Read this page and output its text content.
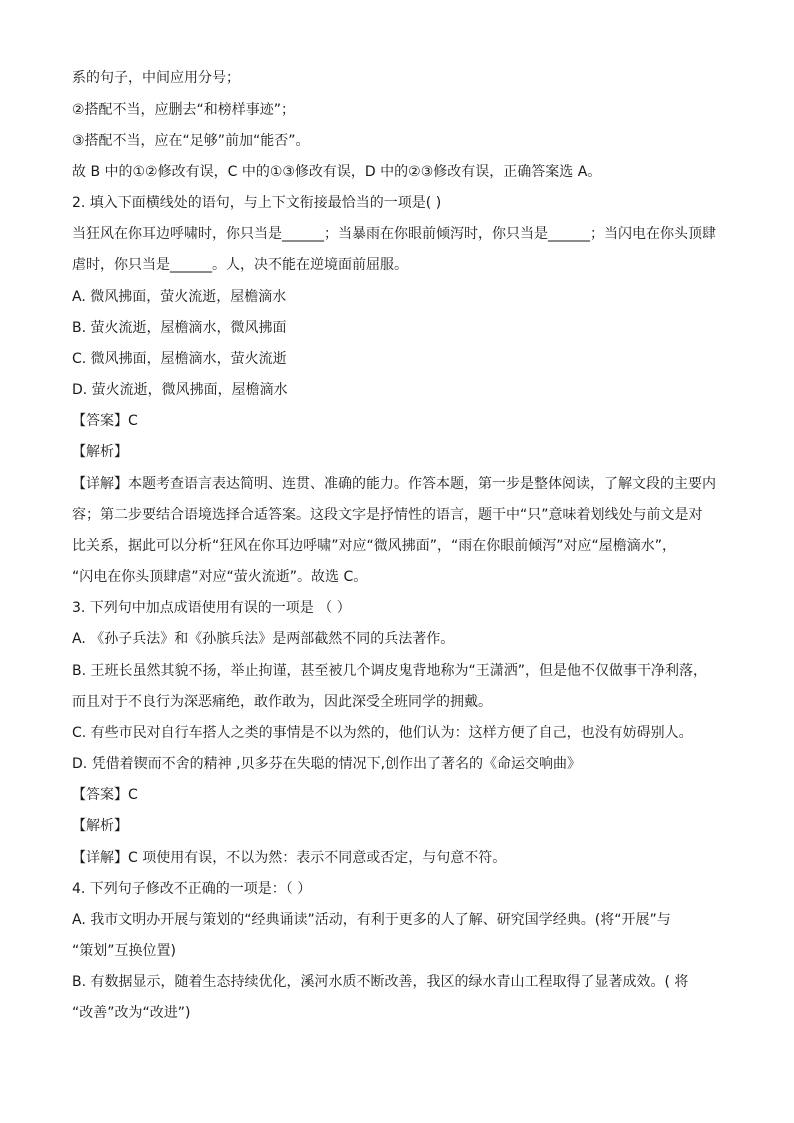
系的句子，中间应用分号；
②搭配不当，应删去“和榜样事迹”；
③搭配不当，应在“足够”前加“能否”。
故 B 中的①②修改有误，C 中的①③修改有误，D 中的②③修改有误，正确答案选 A。
2. 填入下面横线处的语句，与上下文衔接最恰当的一项是( )
当狂风在你耳边呼啸时，你只当是______；当暴雨在你眼前倾泻时，你只当是______；当闪电在你头顶肆
虐时，你只当是______。人，决不能在逆境面前屈服。
A. 微风拂面，萤火流逝，屋檐滴水
B. 萤火流逝，屋檐滴水，微风拂面
C. 微风拂面，屋檐滴水，萤火流逝
D. 萤火流逝，微风拂面，屋檐滴水
【答案】C
【解析】
【详解】本题考查语言表达简明、连贯、准确的能力。作答本题，第一步是整体阅读，了解文段的主要内
容；第二步要结合语境选择合适答案。这段文字是抒情性的语言，题干中“只”意味着划线处与前文是对
比关系，据此可以分析“狂风在你耳边呼啸”对应“微风拂面”，“雨在你眼前倾泻”对应“屋檐滴水”，
“闪电在你头顶肆虐”对应“萤火流逝”。故选 C。
3. 下列句中加点成语使用有误的一项是 （ ）
A. 《孙子兵法》和《孙膑兵法》是两部截然不同的兵法著作。
B. 王班长虽然其貌不扬，举止拘谨，甚至被几个调皮鬼背地称为“王潇洒”，但是他不仅做事干净利落，
而且对于不良行为深恶痛绝，敢作敢为，因此深受全班同学的拥戴。
C. 有些市民对自行车搭人之类的事情是不以为然的，他们认为：这样方便了自己，也没有妨碍别人。
D. 凭借着锲而不舍的精神 ,贝多芬在失聪的情况下,创作出了著名的《命运交响曲》
【答案】C
【解析】
【详解】C 项使用有误，不以为然：表示不同意或否定，与句意不符。
4. 下列句子修改不正确的一项是：（ ）
A. 我市文明办开展与策划的“经典诵读”活动，有利于更多的人了解、研究国学经典。(将“开展”与
“策划”互换位置)
B. 有数据显示，随着生态持续优化，溪河水质不断改善，我区的绿水青山工程取得了显著成效。( 将
“改善”改为“改进”)
